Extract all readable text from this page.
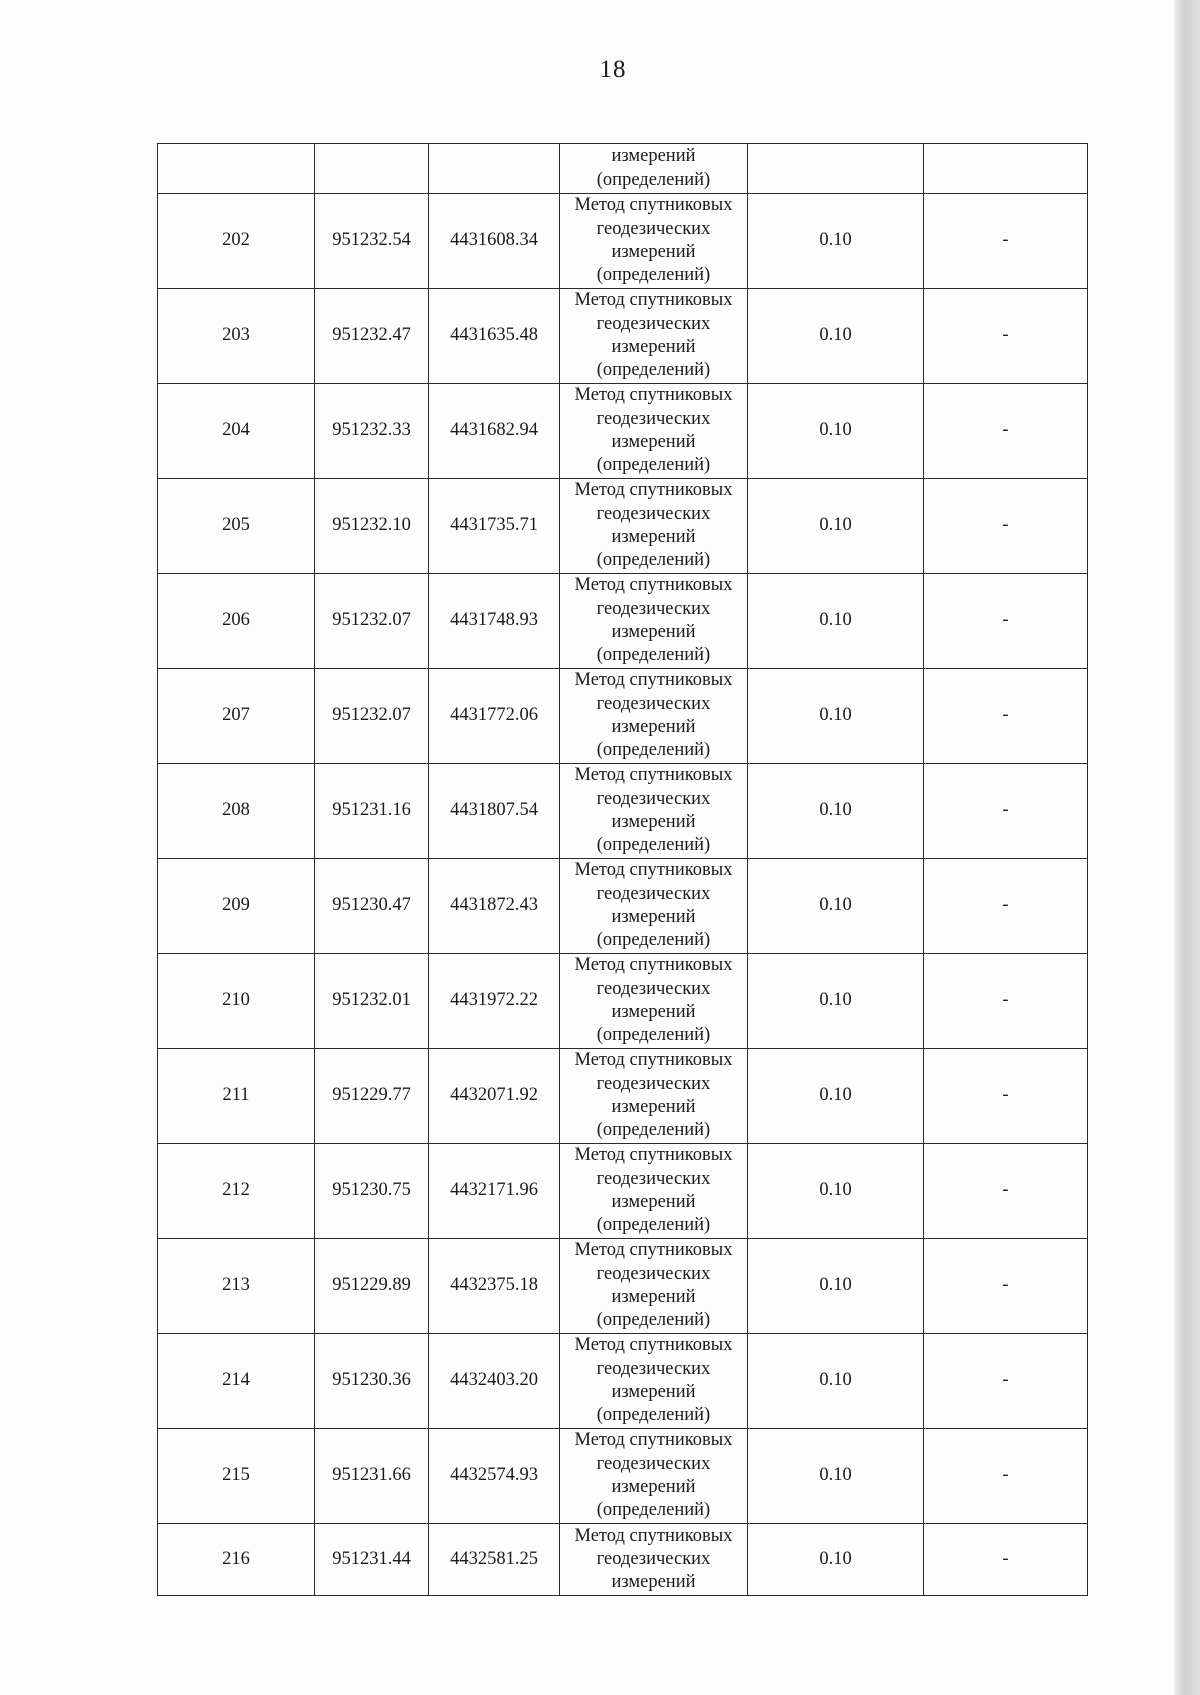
18

			измерений
(определений)		

202	951232.54	4431608.34	Метод спутниковых
геодезических
измерений
(определений)	0.10	-
203	951232.47	4431635.48	Метод спутниковых
геодезических
измерений
(определений)	0.10	-
204	951232.33	4431682.94	Метод спутниковых
геодезических
измерений
(определений)	0.10	-
205	951232.10	4431735.71	Метод спутниковых
геодезических
измерений
(определений)	0.10	-
206	951232.07	4431748.93	Метод спутниковых
геодезических
измерений
(определений)	0.10	-
207	951232.07	4431772.06	Метод спутниковых
геодезических
измерений
(определений)	0.10	-
208	951231.16	4431807.54	Метод спутниковых
геодезических
измерений
(определений)	0.10	-
209	951230.47	4431872.43	Метод спутниковых
геодезических
измерений
(определений)	0.10	-
210	951232.01	4431972.22	Метод спутниковых
геодезических
измерений
(определений)	0.10	-
211	951229.77	4432071.92	Метод спутниковых
геодезических
измерений
(определений)	0.10	-
212	951230.75	4432171.96	Метод спутниковых
геодезических
измерений
(определений)	0.10	-
213	951229.89	4432375.18	Метод спутниковых
геодезических
измерений
(определений)	0.10	-
214	951230.36	4432403.20	Метод спутниковых
геодезических
измерений
(определений)	0.10	-
215	951231.66	4432574.93	Метод спутниковых
геодезических
измерений
(определений)	0.10	-
216	951231.44	4432581.25	Метод спутниковых
геодезических
измерений	0.10	-
